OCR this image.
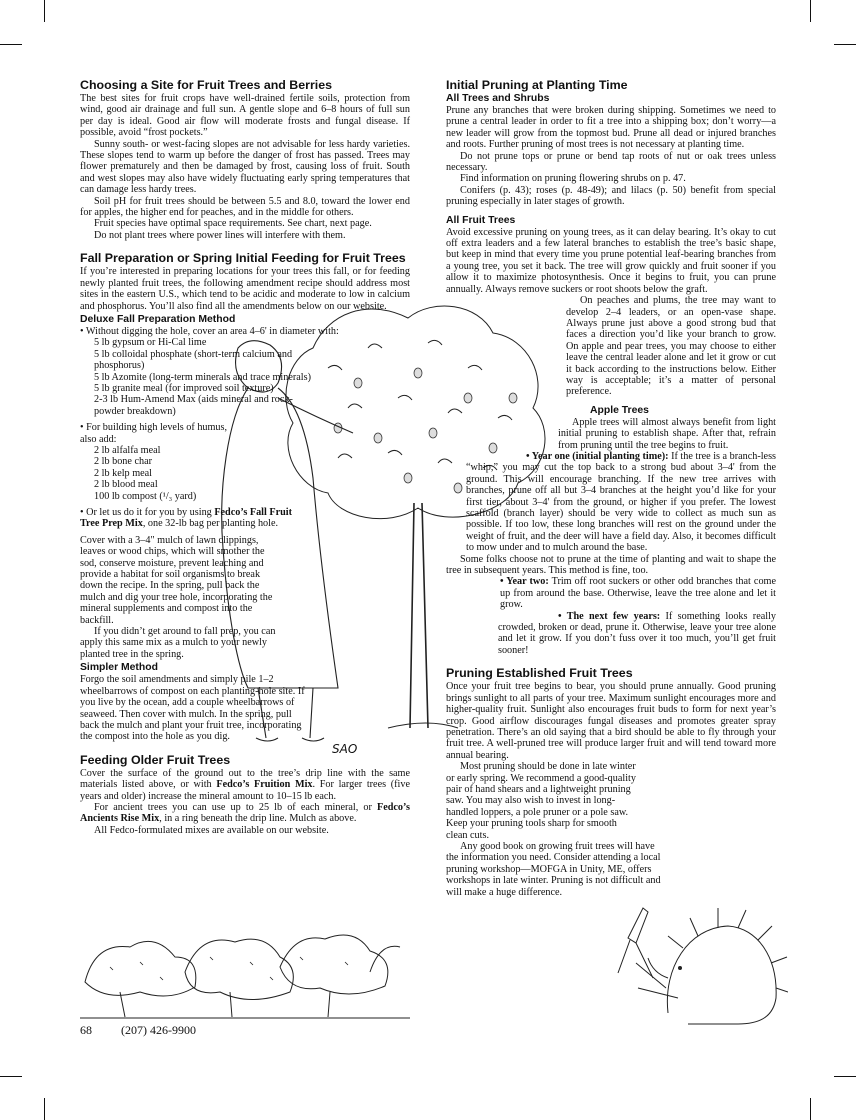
SAO
Choosing a Site for Fruit Trees and Berries

The best sites for fruit crops have well-drained fertile soils, protection from wind, good air drainage and full sun. A gentle slope and 6–8 hours of full sun per day is ideal. Good air flow will moderate frosts and fungal disease. If possible, avoid “frost pockets.”

Sunny south- or west-facing slopes are not advisable for less hardy varieties. These slopes tend to warm up before the danger of frost has passed. Trees may flower prematurely and then be damaged by frost, causing loss of fruit. South and west slopes may also have widely fluctuating early spring temperatures that can damage less hardy trees.

Soil pH for fruit trees should be between 5.5 and 8.0, toward the lower end for apples, the higher end for peaches, and in the middle for others.

Fruit species have optimal space requirements. See chart, next page.

Do not plant trees where power lines will interfere with them.

Fall Preparation or Spring Initial Feeding for Fruit Trees

If you’re interested in preparing locations for your trees this fall, or for feeding newly planted fruit trees, the following amendment recipe should address most sites in the eastern U.S., which tend to be acidic and moderate to low in calcium and phosphorus. You’ll also find all the amendments below on our website.

Deluxe Fall Preparation Method

• Without digging the hole, cover an area 4–6' in diameter with:

5 lb gypsum or Hi-Cal lime

5 lb colloidal phosphate (short-term calcium and phosphorus)

5 lb Azomite (long-term minerals and trace minerals)

5 lb granite meal (for improved soil texture)

2-3 lb Hum-Amend Max (aids mineral and rock-powder breakdown)

• For building high levels of humus, also add:

2 lb alfalfa meal

2 lb bone char

2 lb kelp meal

2 lb blood meal

100 lb compost (¹/₃ yard)

• Or let us do it for you by using Fedco’s Fall Fruit Tree Prep Mix, one 32-lb bag per planting hole.

Cover with a 3–4" mulch of lawn clippings, leaves or wood chips, which will smother the sod, conserve moisture, prevent leaching and provide a habitat for soil organisms to break down the recipe. In the spring, pull back the mulch and dig your tree hole, incorporating the mineral supplements and compost into the backfill.

If you didn’t get around to fall prep, you can apply this same mix as a mulch to your newly planted tree in the spring.

Simpler Method

Forgo the soil amendments and simply pile 1–2 wheelbarrows of compost on each planting-hole site. If you live by the ocean, add a couple wheelbarrows of seaweed. Then cover with mulch. In the spring, pull back the mulch and plant your fruit tree, incorporating the compost into the hole as you dig.

Feeding Older Fruit Trees

Cover the surface of the ground out to the tree’s drip line with the same materials listed above, or with Fedco’s Fruition Mix. For larger trees (five years and older) increase the mineral amount to 10–15 lb each.

For ancient trees you can use up to 25 lb of each mineral, or Fedco’s Ancients Rise Mix, in a ring beneath the drip line. Mulch as above.

All Fedco-formulated mixes are available on our website.

Initial Pruning at Planting Time
All Trees and Shrubs

Prune any branches that were broken during shipping. Sometimes we need to prune a central leader in order to fit a tree into a shipping box; don’t worry—a new leader will grow from the topmost bud. Prune all dead or injured branches and roots. Further pruning of most trees is not necessary at planting time.

Do not prune tops or prune or bend tap roots of nut or oak trees unless necessary.

Find information on pruning flowering shrubs on p. 47.

Conifers (p. 43); roses (p. 48-49); and lilacs (p. 50) benefit from special pruning especially in later stages of growth.

All Fruit Trees

Avoid excessive pruning on young trees, as it can delay bearing. It’s okay to cut off extra leaders and a few lateral branches to establish the tree’s basic shape, but keep in mind that every time you prune potential leaf-bearing branches from a young tree, you set it back. The tree will grow quickly and fruit sooner if you allow it to maximize photosynthesis. Once it begins to fruit, you can prune annually. Always remove suckers or root shoots below the graft.

On peaches and plums, the tree may want to develop 2–4 leaders, or an open-vase shape. Always prune just above a good strong bud that faces a direction you’d like your branch to grow. On apple and pear trees, you may choose to either leave the central leader alone and let it grow or cut it back according to the instructions below. Either way is acceptable; it’s a matter of personal preference.

Apple Trees

Apple trees will almost always benefit from light initial pruning to establish shape. After that, refrain from pruning until the tree begins to fruit.

• Year one (initial planting time): If the tree is a branch-less “whip,” you may cut the top back to a strong bud about 3–4' from the ground. This will encourage branching. If the new tree arrives with branches, prune off all but 3–4 branches at the height you’d like for your first tier, about 3–4' from the ground, or higher if you prefer. The lowest scaffold (branch layer) should be very wide to collect as much sun as possible. If too low, these long branches will rest on the ground under the weight of fruit, and the deer will have a field day. Also, it becomes difficult to mow under and to mulch around the base.

Some folks choose not to prune at the time of planting and wait to shape the tree in subsequent years. This method is fine, too.

• Year two: Trim off root suckers or other odd branches that come up from around the base. Otherwise, leave the tree alone and let it grow.

• The next few years: If something looks really crowded, broken or dead, prune it. Otherwise, leave your tree alone and let it grow. If you don’t fuss over it too much, you’ll get fruit sooner!

Pruning Established Fruit Trees

Once your fruit tree begins to bear, you should prune annually. Good pruning brings sunlight to all parts of your tree. Maximum sunlight encourages more and higher-quality fruit. Sunlight also encourages fruit buds to form for next year’s crop. Good airflow discourages fungal diseases and promotes greater spray penetration. There’s an old saying that a bird should be able to fly through your fruit tree. A well-pruned tree will produce larger fruit and will tend toward more annual bearing.

Most pruning should be done in late winter or early spring. We recommend a good-quality pair of hand shears and a lightweight pruning saw. You may also wish to invest in long-handled loppers, a pole pruner or a pole saw. Keep your pruning tools sharp for smooth clean cuts.

Any good book on growing fruit trees will have the information you need. Consider attending a local pruning workshop—MOFGA in Unity, ME, offers workshops in late winter. Pruning is not difficult and will make a huge difference.

68 (207) 426-9900
